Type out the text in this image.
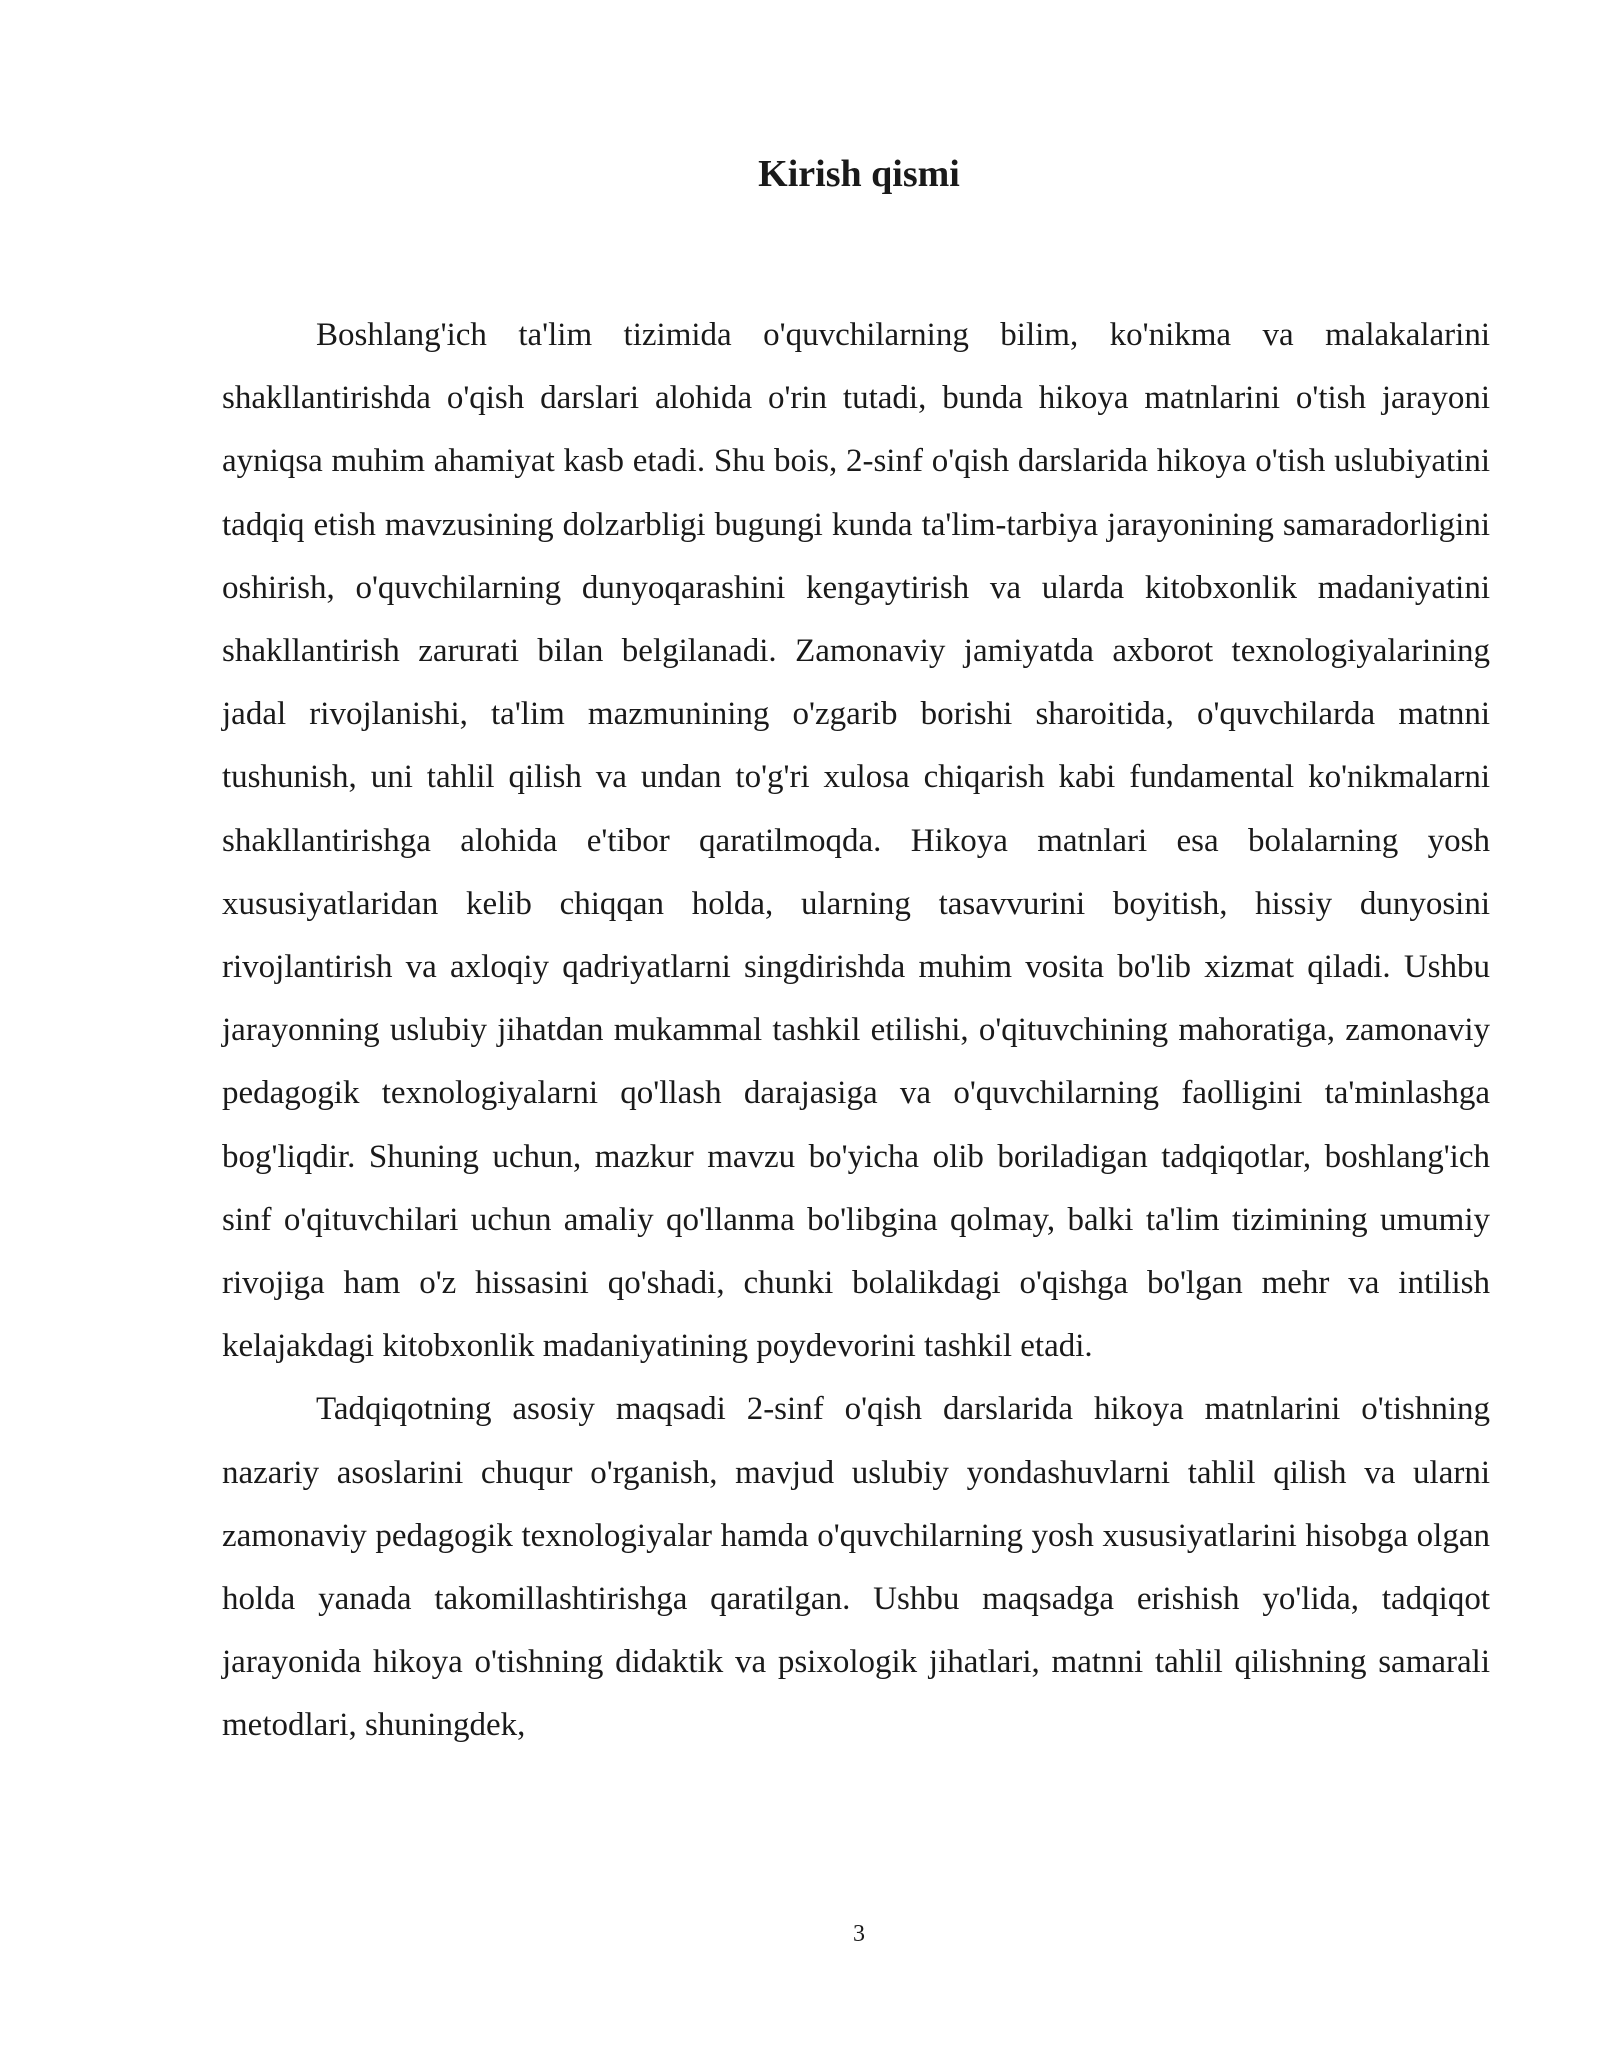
Kirish qismi

Boshlang'ich ta'lim tizimida o'quvchilarning bilim, ko'nikma va malakalarini shakllantirishda o'qish darslari alohida o'rin tutadi, bunda hikoya matnlarini o'tish jarayoni ayniqsa muhim ahamiyat kasb etadi. Shu bois, 2-sinf o'qish darslarida hikoya o'tish uslubiyatini tadqiq etish mavzusining dolzarbligi bugungi kunda ta'lim-tarbiya jarayonining samaradorligini oshirish, o'quvchilarning dunyoqarashini kengaytirish va ularda kitobxonlik madaniyatini shakllantirish zarurati bilan belgilanadi. Zamonaviy jamiyatda axborot texnologiyalarining jadal rivojlanishi, ta'lim mazmunining o'zgarib borishi sharoitida, o'quvchilarda matnni tushunish, uni tahlil qilish va undan to'g'ri xulosa chiqarish kabi fundamental ko'nikmalarni shakllantirishga alohida e'tibor qaratilmoqda. Hikoya matnlari esa bolalarning yosh xususiyatlaridan kelib chiqqan holda, ularning tasavvurini boyitish, hissiy dunyosini rivojlantirish va axloqiy qadriyatlarni singdirishda muhim vosita bo'lib xizmat qiladi. Ushbu jarayonning uslubiy jihatdan mukammal tashkil etilishi, o'qituvchining mahoratiga, zamonaviy pedagogik texnologiyalarni qo'llash darajasiga va o'quvchilarning faolligini ta'minlashga bog'liqdir. Shuning uchun, mazkur mavzu bo'yicha olib boriladigan tadqiqotlar, boshlang'ich sinf o'qituvchilari uchun amaliy qo'llanma bo'libgina qolmay, balki ta'lim tizimining umumiy rivojiga ham o'z hissasini qo'shadi, chunki bolalikdagi o'qishga bo'lgan mehr va intilish kelajakdagi kitobxonlik madaniyatining poydevorini tashkil etadi.

Tadqiqotning asosiy maqsadi 2-sinf o'qish darslarida hikoya matnlarini o'tishning nazariy asoslarini chuqur o'rganish, mavjud uslubiy yondashuvlarni tahlil qilish va ularni zamonaviy pedagogik texnologiyalar hamda o'quvchilarning yosh xususiyatlarini hisobga olgan holda yanada takomillashtirishga qaratilgan. Ushbu maqsadga erishish yo'lida, tadqiqot jarayonida hikoya o'tishning didaktik va psixologik jihatlari, matnni tahlil qilishning samarali metodlari, shuningdek,

3
